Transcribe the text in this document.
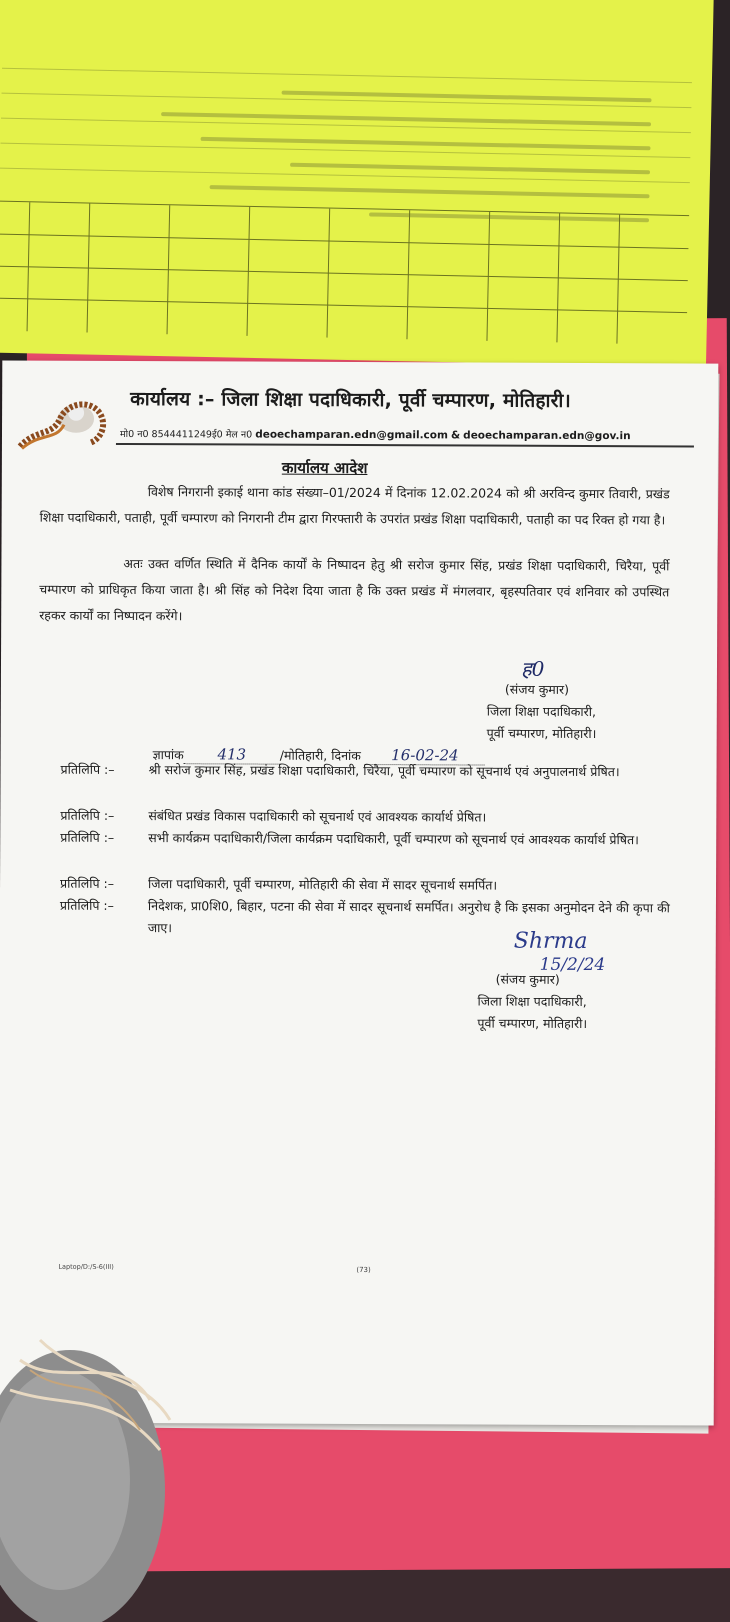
कार्यालय :– जिला शिक्षा पदाधिकारी, पूर्वी चम्पारण, मोतिहारी।
मो0 न0 8544411249ई0 मेल न0 deoechamparan.edn@gmail.com & deoechamparan.edn@gov.in
कार्यालय आदेश
विशेष निगरानी इकाई थाना कांड संख्या–01/2024 में दिनांक 12.02.2024 को श्री अरविन्द कुमार तिवारी, प्रखंड शिक्षा पदाधिकारी, पताही, पूर्वी चम्पारण को निगरानी टीम द्वारा गिरफ्तारी के उपरांत प्रखंड शिक्षा पदाधिकारी, पताही का पद रिक्त हो गया है।
अतः उक्त वर्णित स्थिति में दैनिक कार्यों के निष्पादन हेतु श्री सरोज कुमार सिंह, प्रखंड शिक्षा पदाधिकारी, चिरैया, पूर्वी चम्पारण को प्राधिकृत किया जाता है। श्री सिंह को निदेश दिया जाता है कि उक्त प्रखंड में मंगलवार, बृहस्पतिवार एवं शनिवार को उपस्थित रहकर कार्यों का निष्पादन करेंगे।
ह0
(संजय कुमार)
जिला शिक्षा पदाधिकारी,
पूर्वी चम्पारण, मोतिहारी।
ज्ञापांक 413	/मोतिहारी, दिनांक 16-02-24
प्रतिलिपि :–	श्री सरोज कुमार सिंह, प्रखंड शिक्षा पदाधिकारी, चिरैया, पूर्वी चम्पारण को सूचनार्थ एवं अनुपालनार्थ प्रेषित।
प्रतिलिपि :–	संबंधित प्रखंड विकास पदाधिकारी को सूचनार्थ एवं आवश्यक कार्यार्थ प्रेषित।
प्रतिलिपि :–	सभी कार्यक्रम पदाधिकारी/जिला कार्यक्रम पदाधिकारी, पूर्वी चम्पारण को सूचनार्थ एवं आवश्यक कार्यार्थ प्रेषित।
प्रतिलिपि :–	जिला पदाधिकारी, पूर्वी चम्पारण, मोतिहारी की सेवा में सादर सूचनार्थ समर्पित।
प्रतिलिपि :–	निदेशक, प्रा0शि0, बिहार, पटना की सेवा में सादर सूचनार्थ समर्पित। अनुरोध है कि इसका अनुमोदन देने की कृपा की जाए।
Shrma
15/2/24
(संजय कुमार)
जिला शिक्षा पदाधिकारी,
पूर्वी चम्पारण, मोतिहारी।
Laptop/D:/S-6(III)	(73)
